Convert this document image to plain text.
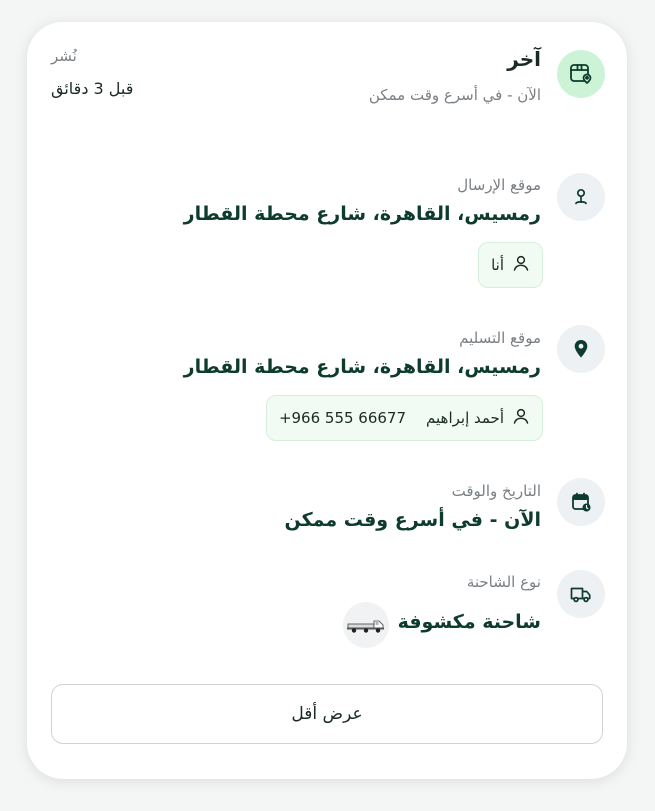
آخر
الآن - في أسرع وقت ممكن
نُشر
قبل 3 دقائق
موقع الإرسال
رمسيس، القاهرة، شارع محطة القطار
أنا
موقع التسليم
رمسيس، القاهرة، شارع محطة القطار
أحمد إبراهيم
+966 555 66677
التاريخ والوقت
الآن - في أسرع وقت ممكن
نوع الشاحنة
شاحنة مكشوفة
عرض أقل
